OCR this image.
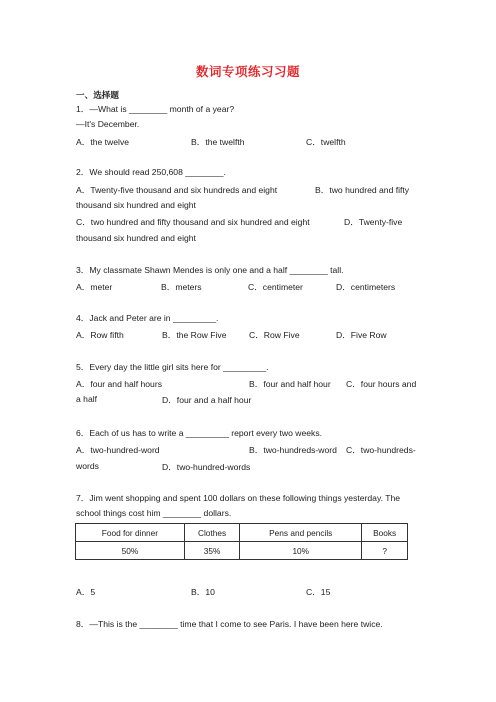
数词专项练习习题
一、选择题
1．—What is ________ month of a year?
—It's December.
A．the twelve	B．the twelfth	C．twelfth
2．We should read 250,608 ________.
A．Twenty-five thousand and six hundreds and eight	B．two hundred and fifty
thousand six hundred and eight
C．two hundred and fifty thousand and six hundred and eight	D．Twenty-five
thousand six hundred and eight
3．My classmate Shawn Mendes is only one and a half ________ tall.
A．meter	B．meters	C．centimeter	D．centimeters
4．Jack and Peter are in _________.
A．Row fifth	B．the Row Five	C．Row Five	D．Five Row
5．Every day the little girl sits here for _________.
A．four and half hours	B．four and half hour C．four hours and
a half	D．four and a half hour
6．Each of us has to write a _________ report every two weeks.
A．two-hundred-word	B．two-hundreds-word C．two-hundreds-
words	D．two-hundred-words
7．Jim went shopping and spent 100 dollars on these following things yesterday. The
school things cost him ________ dollars.
Food for dinner	Clothes	Pens and pencils	Books
50%	35%	10%	?
A．5	B．10	C．15
8．—This is the ________ time that I come to see Paris. I have been here twice.
